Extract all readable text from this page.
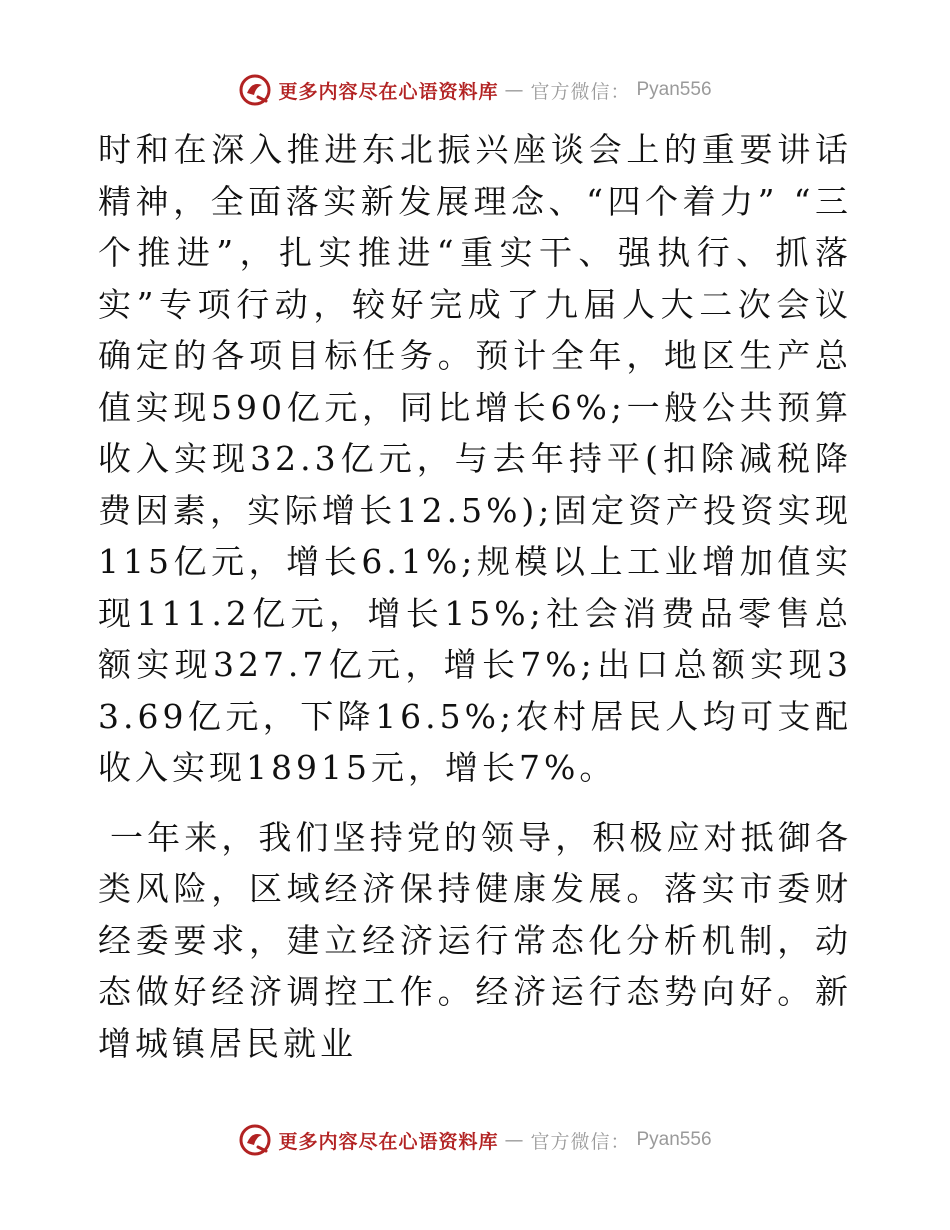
更多内容尽在心语资料库 — 官方微信： Pyan556

时和在深入推进东北振兴座谈会上的重要讲话精神，全面落实新发展理念、“四个着力” “三个推进”，扎实推进“重实干、强执行、抓落实”专项行动，较好完成了九届人大二次会议确定的各项目标任务。预计全年，地区生产总值实现590亿元，同比增长6%;一般公共预算收入实现32.3亿元，与去年持平(扣除减税降费因素，实际增长12.5%);固定资产投资实现115亿元，增长6.1%;规模以上工业增加值实现111.2亿元，增长15%;社会消费品零售总额实现327.7亿元，增长7%;出口总额实现33.69亿元，下降16.5%;农村居民人均可支配收入实现18915元，增长7%。

一年来，我们坚持党的领导，积极应对抵御各类风险，区域经济保持健康发展。落实市委财经委要求，建立经济运行常态化分析机制，动态做好经济调控工作。经济运行态势向好。新增城镇居民就业

更多内容尽在心语资料库 — 官方微信： Pyan556
